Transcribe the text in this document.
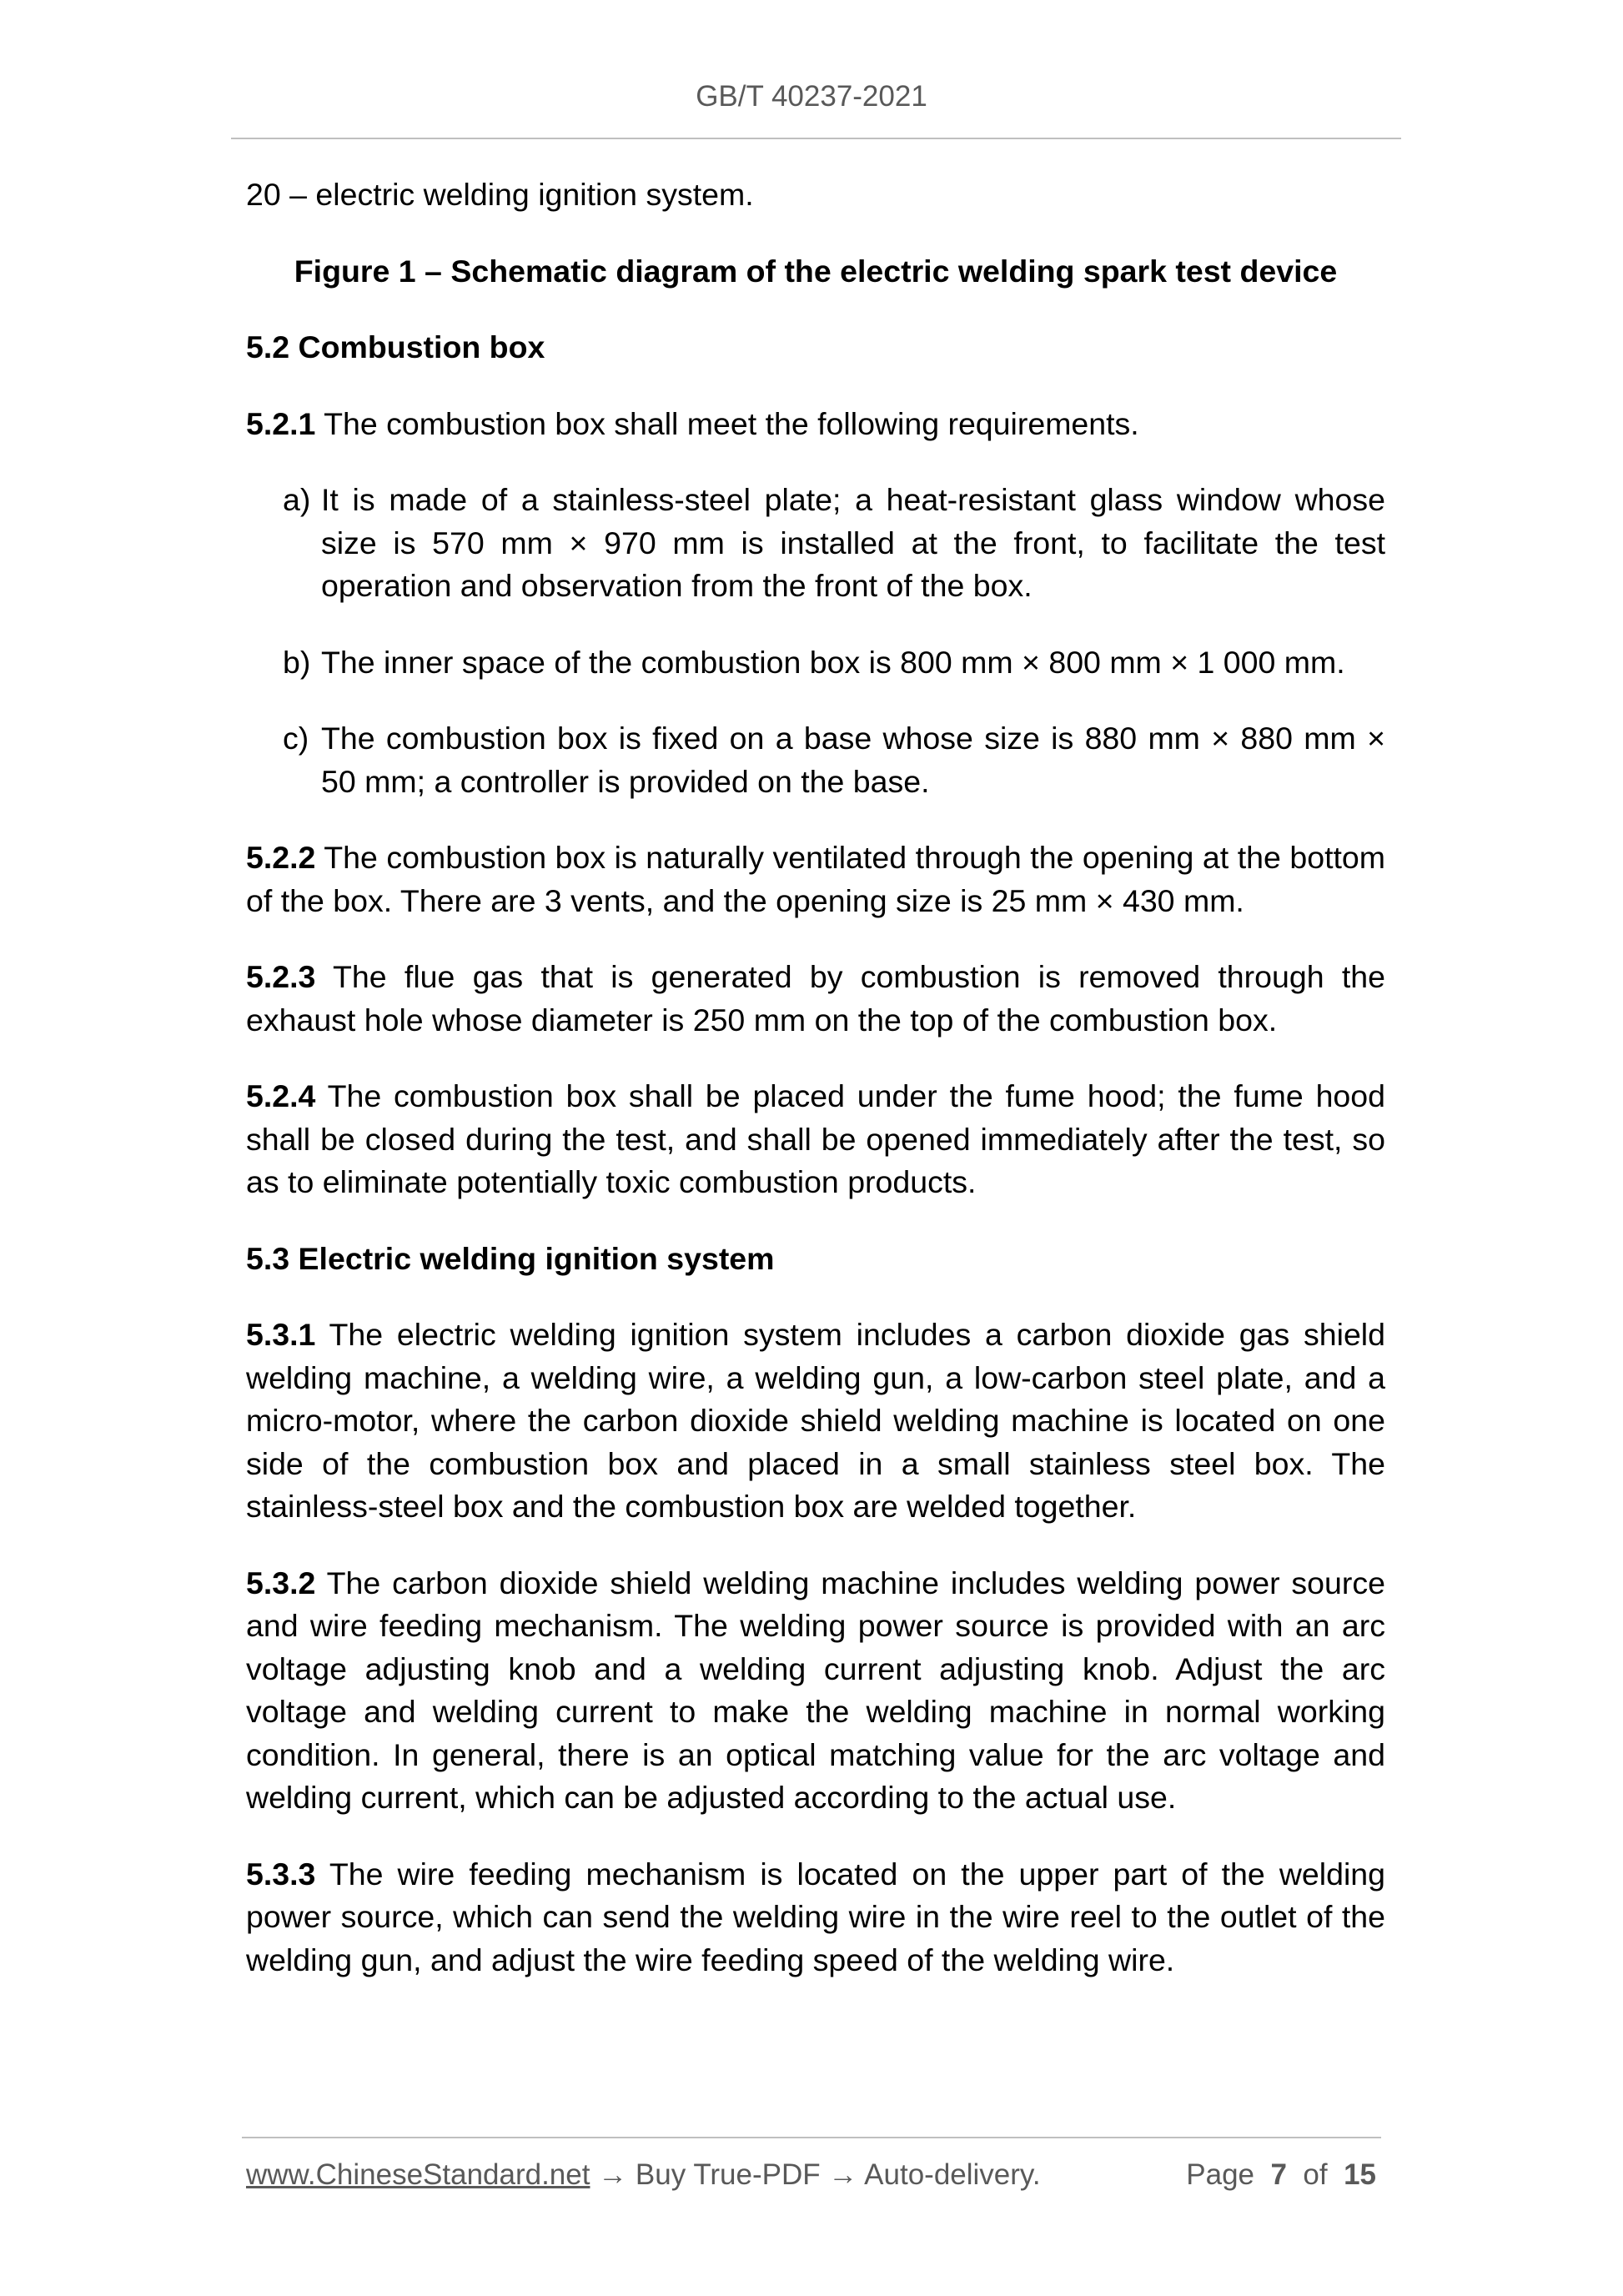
GB/T 40237-2021

20 – electric welding ignition system.

Figure 1 – Schematic diagram of the electric welding spark test device

5.2 Combustion box

5.2.1 The combustion box shall meet the following requirements.

a) It is made of a stainless-steel plate; a heat-resistant glass window whose size is 570 mm × 970 mm is installed at the front, to facilitate the test operation and observation from the front of the box.
b) The inner space of the combustion box is 800 mm × 800 mm × 1 000 mm.
c) The combustion box is fixed on a base whose size is 880 mm × 880 mm × 50 mm; a controller is provided on the base.

5.2.2 The combustion box is naturally ventilated through the opening at the bottom of the box. There are 3 vents, and the opening size is 25 mm × 430 mm.

5.2.3 The flue gas that is generated by combustion is removed through the exhaust hole whose diameter is 250 mm on the top of the combustion box.

5.2.4 The combustion box shall be placed under the fume hood; the fume hood shall be closed during the test, and shall be opened immediately after the test, so as to eliminate potentially toxic combustion products.

5.3 Electric welding ignition system

5.3.1 The electric welding ignition system includes a carbon dioxide gas shield welding machine, a welding wire, a welding gun, a low-carbon steel plate, and a micro-motor, where the carbon dioxide shield welding machine is located on one side of the combustion box and placed in a small stainless steel box. The stainless-steel box and the combustion box are welded together.

5.3.2 The carbon dioxide shield welding machine includes welding power source and wire feeding mechanism. The welding power source is provided with an arc voltage adjusting knob and a welding current adjusting knob. Adjust the arc voltage and welding current to make the welding machine in normal working condition. In general, there is an optical matching value for the arc voltage and welding current, which can be adjusted according to the actual use.

5.3.3 The wire feeding mechanism is located on the upper part of the welding power source, which can send the welding wire in the wire reel to the outlet of the welding gun, and adjust the wire feeding speed of the welding wire.

www.ChineseStandard.net → Buy True-PDF → Auto-delivery.	Page 7 of 15
